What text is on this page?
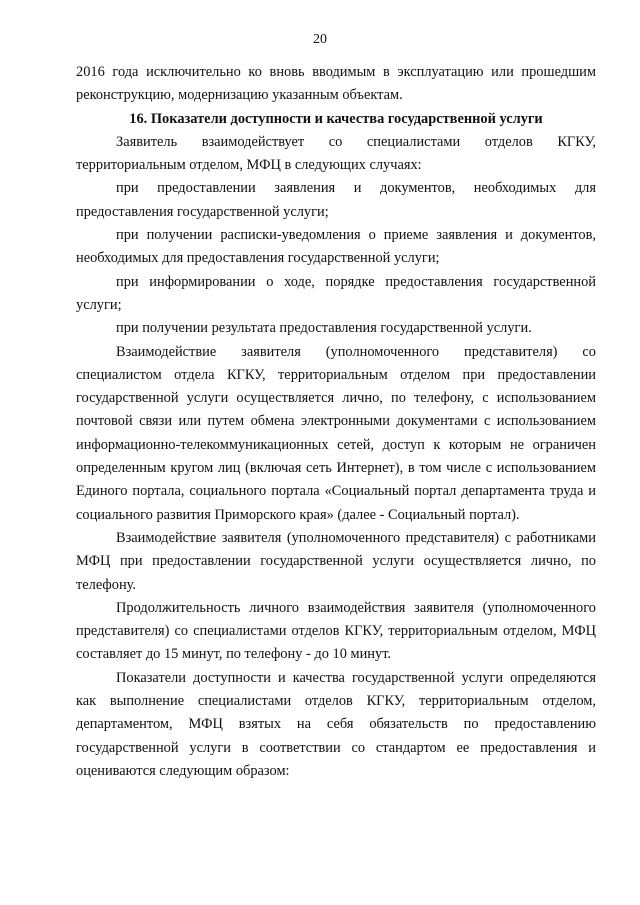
20

2016 года исключительно ко вновь вводимым в эксплуатацию или прошедшим реконструкцию, модернизацию указанным объектам.

16. Показатели доступности и качества государственной услуги

Заявитель взаимодействует со специалистами отделов КГКУ, территориальным отделом, МФЦ в следующих случаях:

при предоставлении заявления и документов, необходимых для предоставления государственной услуги;

при получении расписки-уведомления о приеме заявления и документов, необходимых для предоставления государственной услуги;

при информировании о ходе, порядке предоставления государственной услуги;

при получении результата предоставления государственной услуги.

Взаимодействие заявителя (уполномоченного представителя) со специалистом отдела КГКУ, территориальным отделом при предоставлении государственной услуги осуществляется лично, по телефону, с использованием почтовой связи или путем обмена электронными документами с использованием информационно-телекоммуникационных сетей, доступ к которым не ограничен определенным кругом лиц (включая сеть Интернет), в том числе с использованием Единого портала, социального портала «Социальный портал департамента труда и социального развития Приморского края» (далее - Социальный портал).

Взаимодействие заявителя (уполномоченного представителя) с работниками МФЦ при предоставлении государственной услуги осуществляется лично, по телефону.

Продолжительность личного взаимодействия заявителя (уполномоченного представителя) со специалистами отделов КГКУ, территориальным отделом, МФЦ составляет до 15 минут, по телефону - до 10 минут.

Показатели доступности и качества государственной услуги определяются как выполнение специалистами отделов КГКУ, территориальным отделом, департаментом, МФЦ взятых на себя обязательств по предоставлению государственной услуги в соответствии со стандартом ее предоставления и оцениваются следующим образом:
